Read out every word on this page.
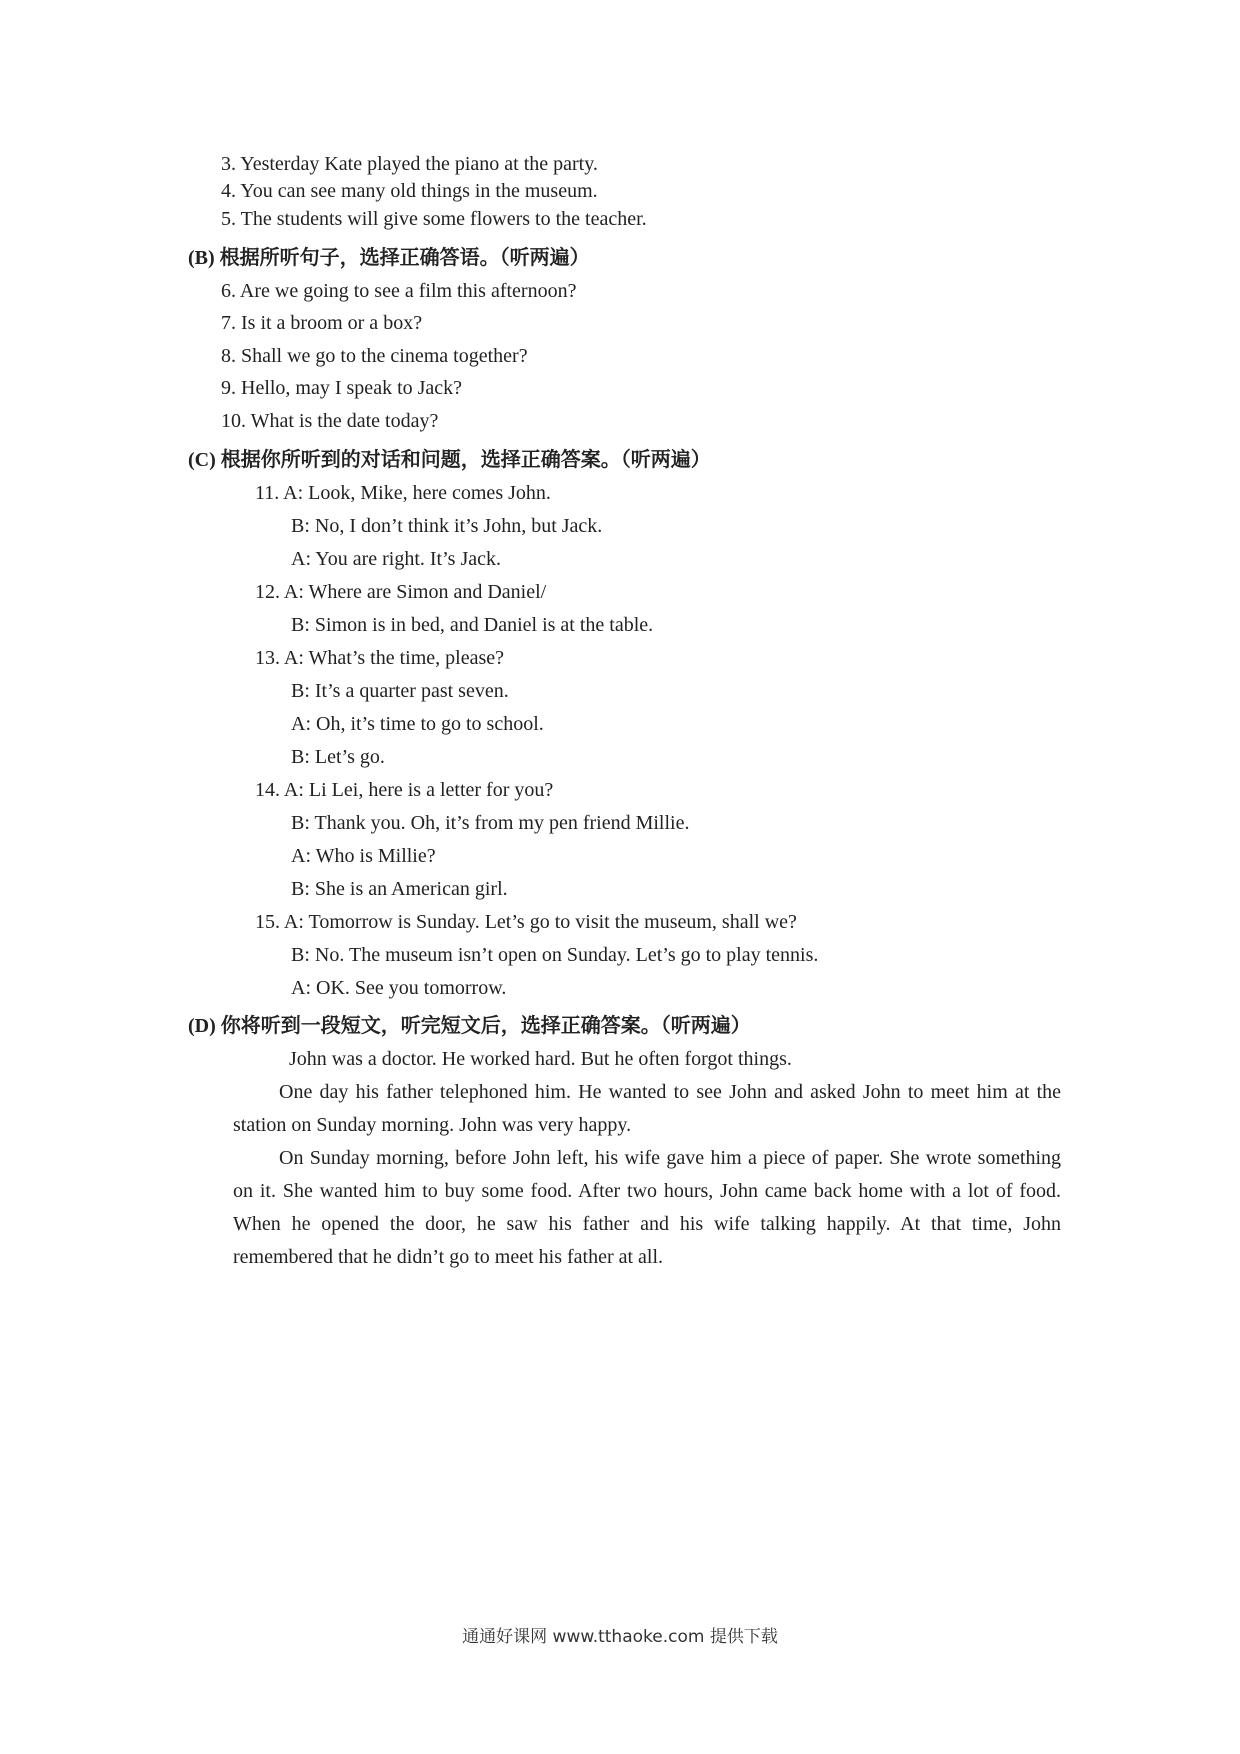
3. Yesterday Kate played the piano at the party.
4. You can see many old things in the museum.
5. The students will give some flowers to the teacher.
(B) 根据所听句子，选择正确答语。（听两遍）
6. Are we going to see a film this afternoon?
7. Is it a broom or a box?
8. Shall we go to the cinema together?
9. Hello, may I speak to Jack?
10. What is the date today?
(C) 根据你所听到的对话和问题，选择正确答案。（听两遍）
11. A: Look, Mike, here comes John.
B: No, I don’t think it’s John, but Jack.
A: You are right. It’s Jack.
12. A: Where are Simon and Daniel/
B: Simon is in bed, and Daniel is at the table.
13. A: What’s the time, please?
B: It’s a quarter past seven.
A: Oh, it’s time to go to school.
B: Let’s go.
14. A: Li Lei, here is a letter for you?
B: Thank you. Oh, it’s from my pen friend Millie.
A: Who is Millie?
B: She is an American girl.
15. A: Tomorrow is Sunday. Let’s go to visit the museum, shall we?
B: No. The museum isn’t open on Sunday. Let’s go to play tennis.
A: OK. See you tomorrow.
(D) 你将听到一段短文，听完短文后，选择正确答案。（听两遍）
John was a doctor. He worked hard. But he often forgot things.
One day his father telephoned him. He wanted to see John and asked John to meet him at the station on Sunday morning. John was very happy.
On Sunday morning, before John left, his wife gave him a piece of paper. She wrote something on it. She wanted him to buy some food. After two hours, John came back home with a lot of food. When he opened the door, he saw his father and his wife talking happily. At that time, John remembered that he didn’t go to meet his father at all.
通通好课网 www.tthaoke.com 提供下载
